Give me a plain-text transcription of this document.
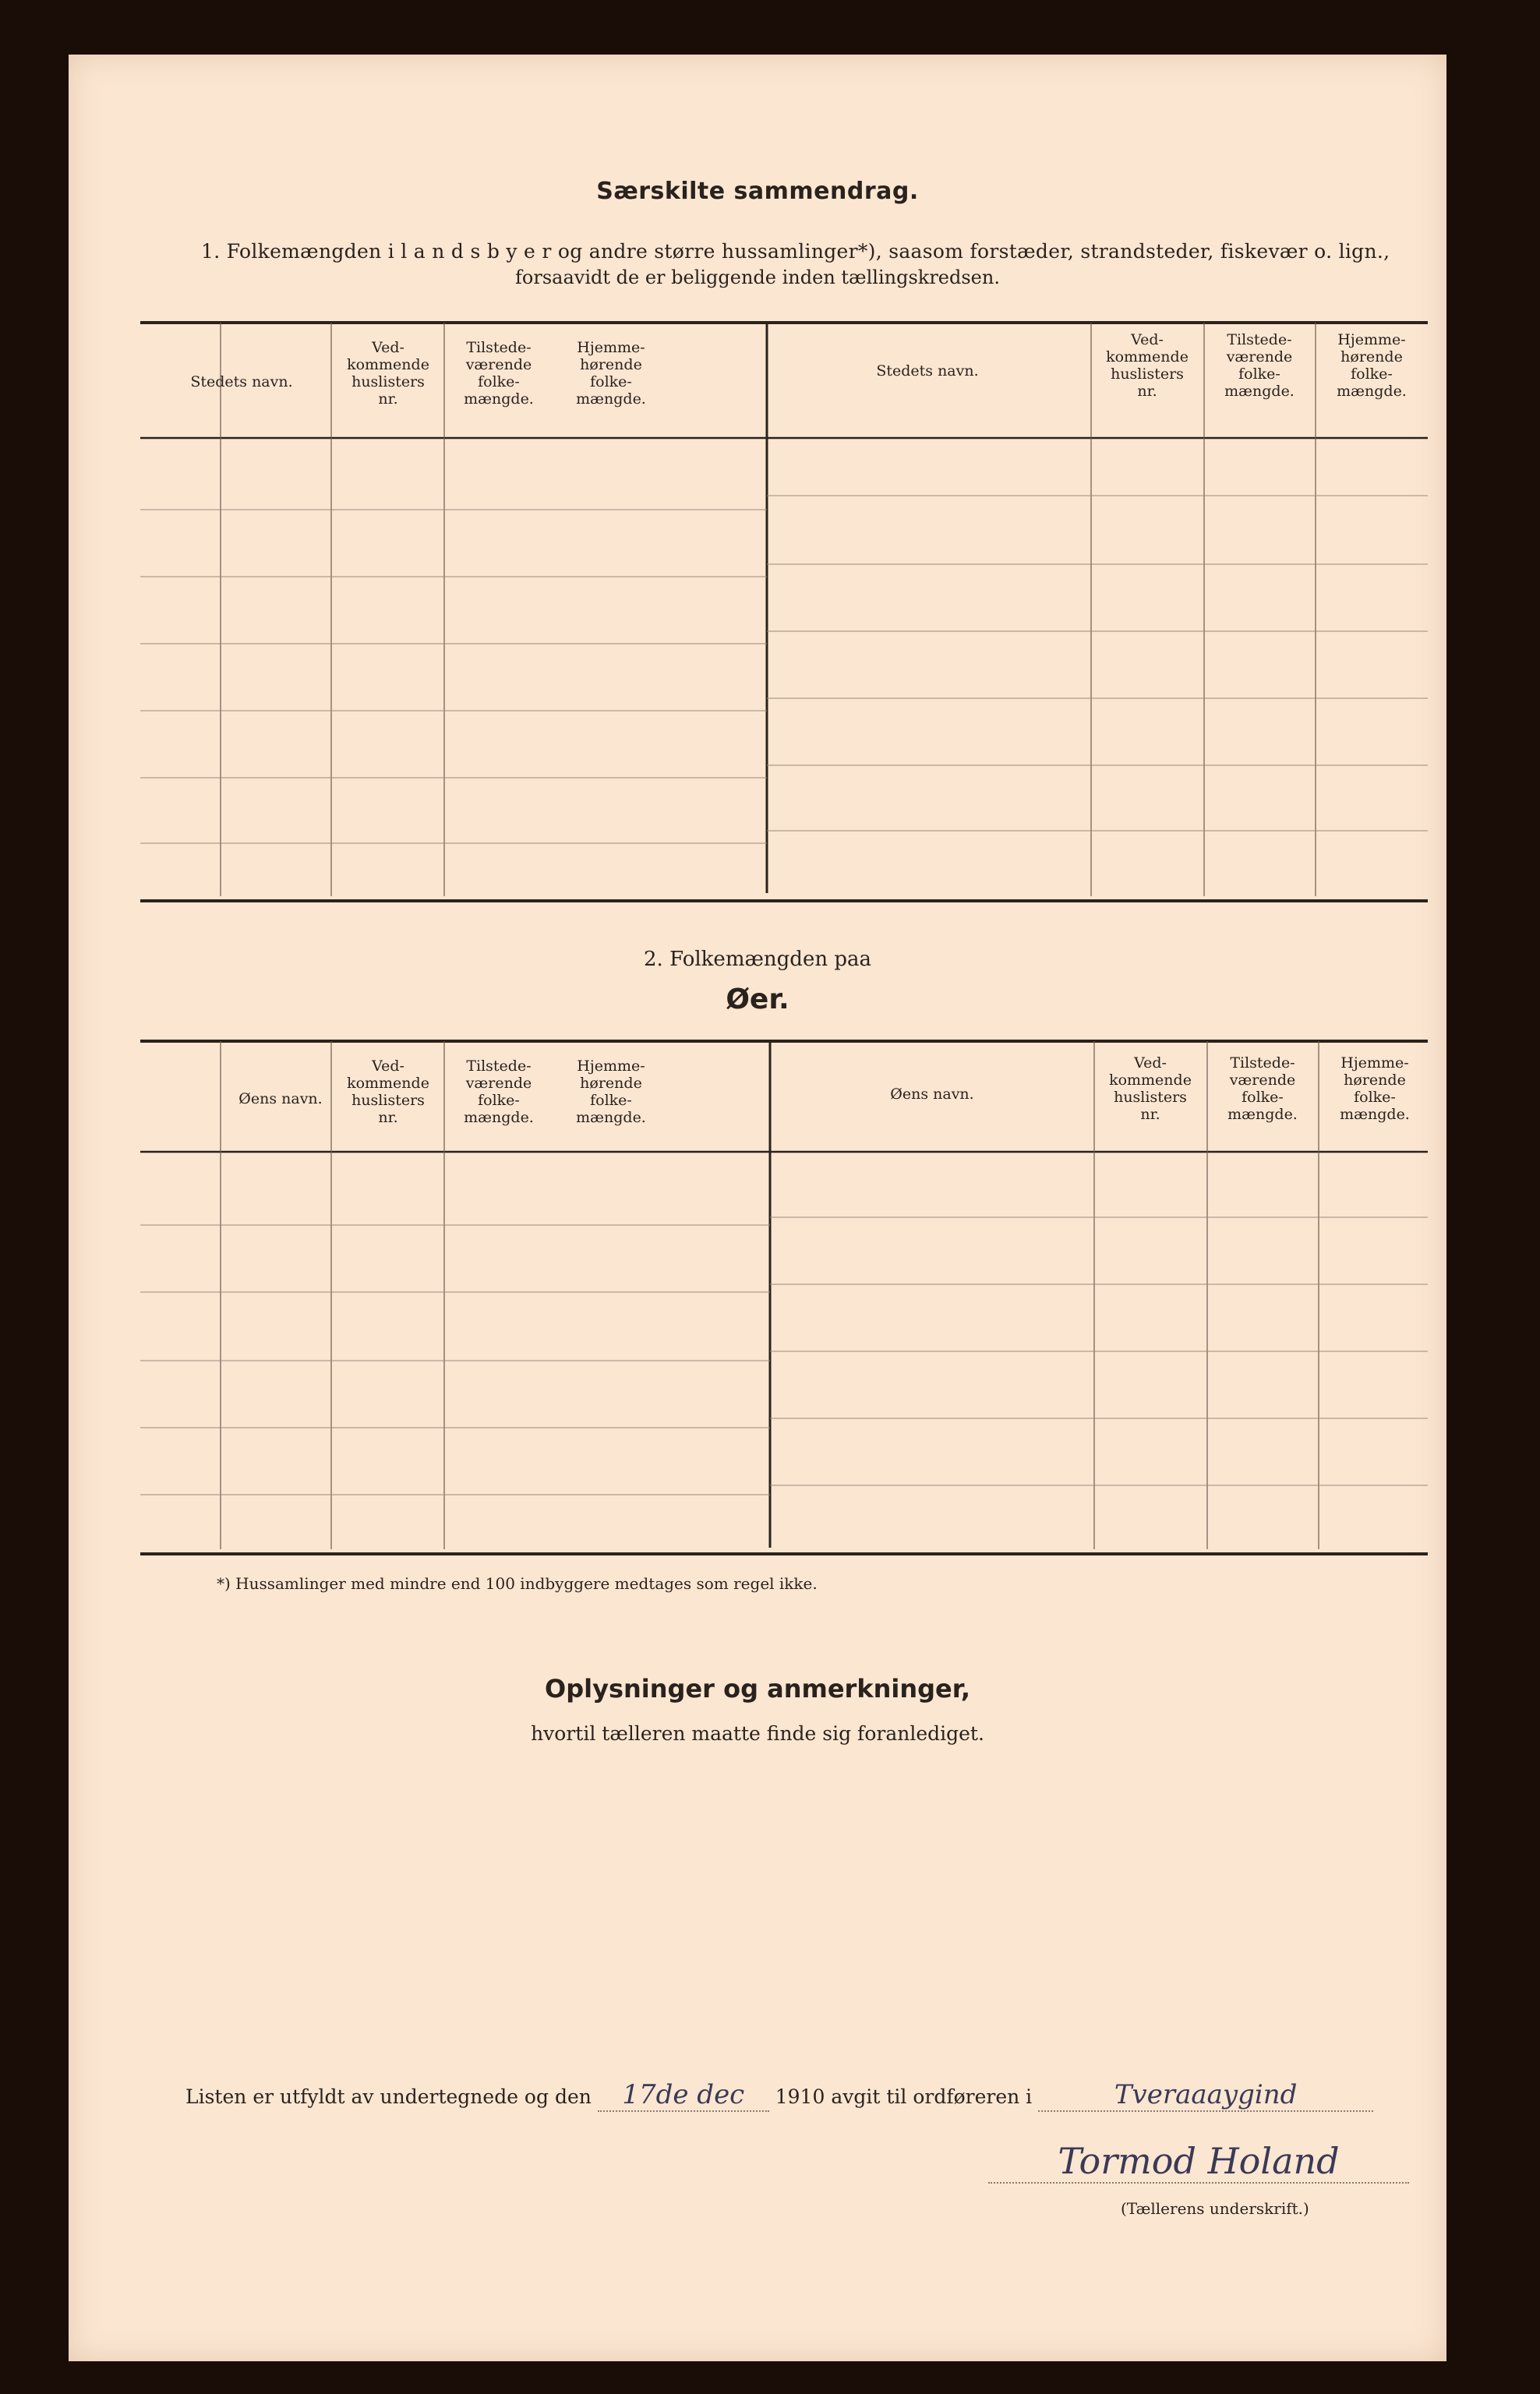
Særskilte sammendrag.
1. Folkemængden i l a n d s b y e r og andre større hussamlinger*), saasom forstæder, strandsteder, fiskevær o. lign.,
forsaavidt de er beliggende inden tællingskredsen.
Stedets navn.
Stedets navn.
Ved-
kommende
huslisters
nr.
Tilstede-
værende
folke-
mængde.
Hjemme-
hørende
folke-
mængde.
Ved-
kommende
huslisters
nr.
Tilstede-
værende
folke-
mængde.
Hjemme-
hørende
folke-
mængde.
2. Folkemængden paa
Øer.
Øens navn.	Øens navn.
Ved-
kommende
huslisters
nr.
Tilstede-
værende
folke-
mængde.
Hjemme-
hørende
folke-
mængde.
Ved-
kommende
huslisters
nr.
Tilstede-
værende
folke-
mængde.
Hjemme-
hørende
folke-
mængde.
*) Hussamlinger med mindre end 100 indbyggere medtages som regel ikke.
Oplysninger og anmerkninger,
hvortil tælleren maatte finde sig foranlediget.
Listen er utfyldt av undertegnede og den 17de dec 1910 avgit til ordføreren i	Tveraaaygind
Tormod Holand
(Tællerens underskrift.)
